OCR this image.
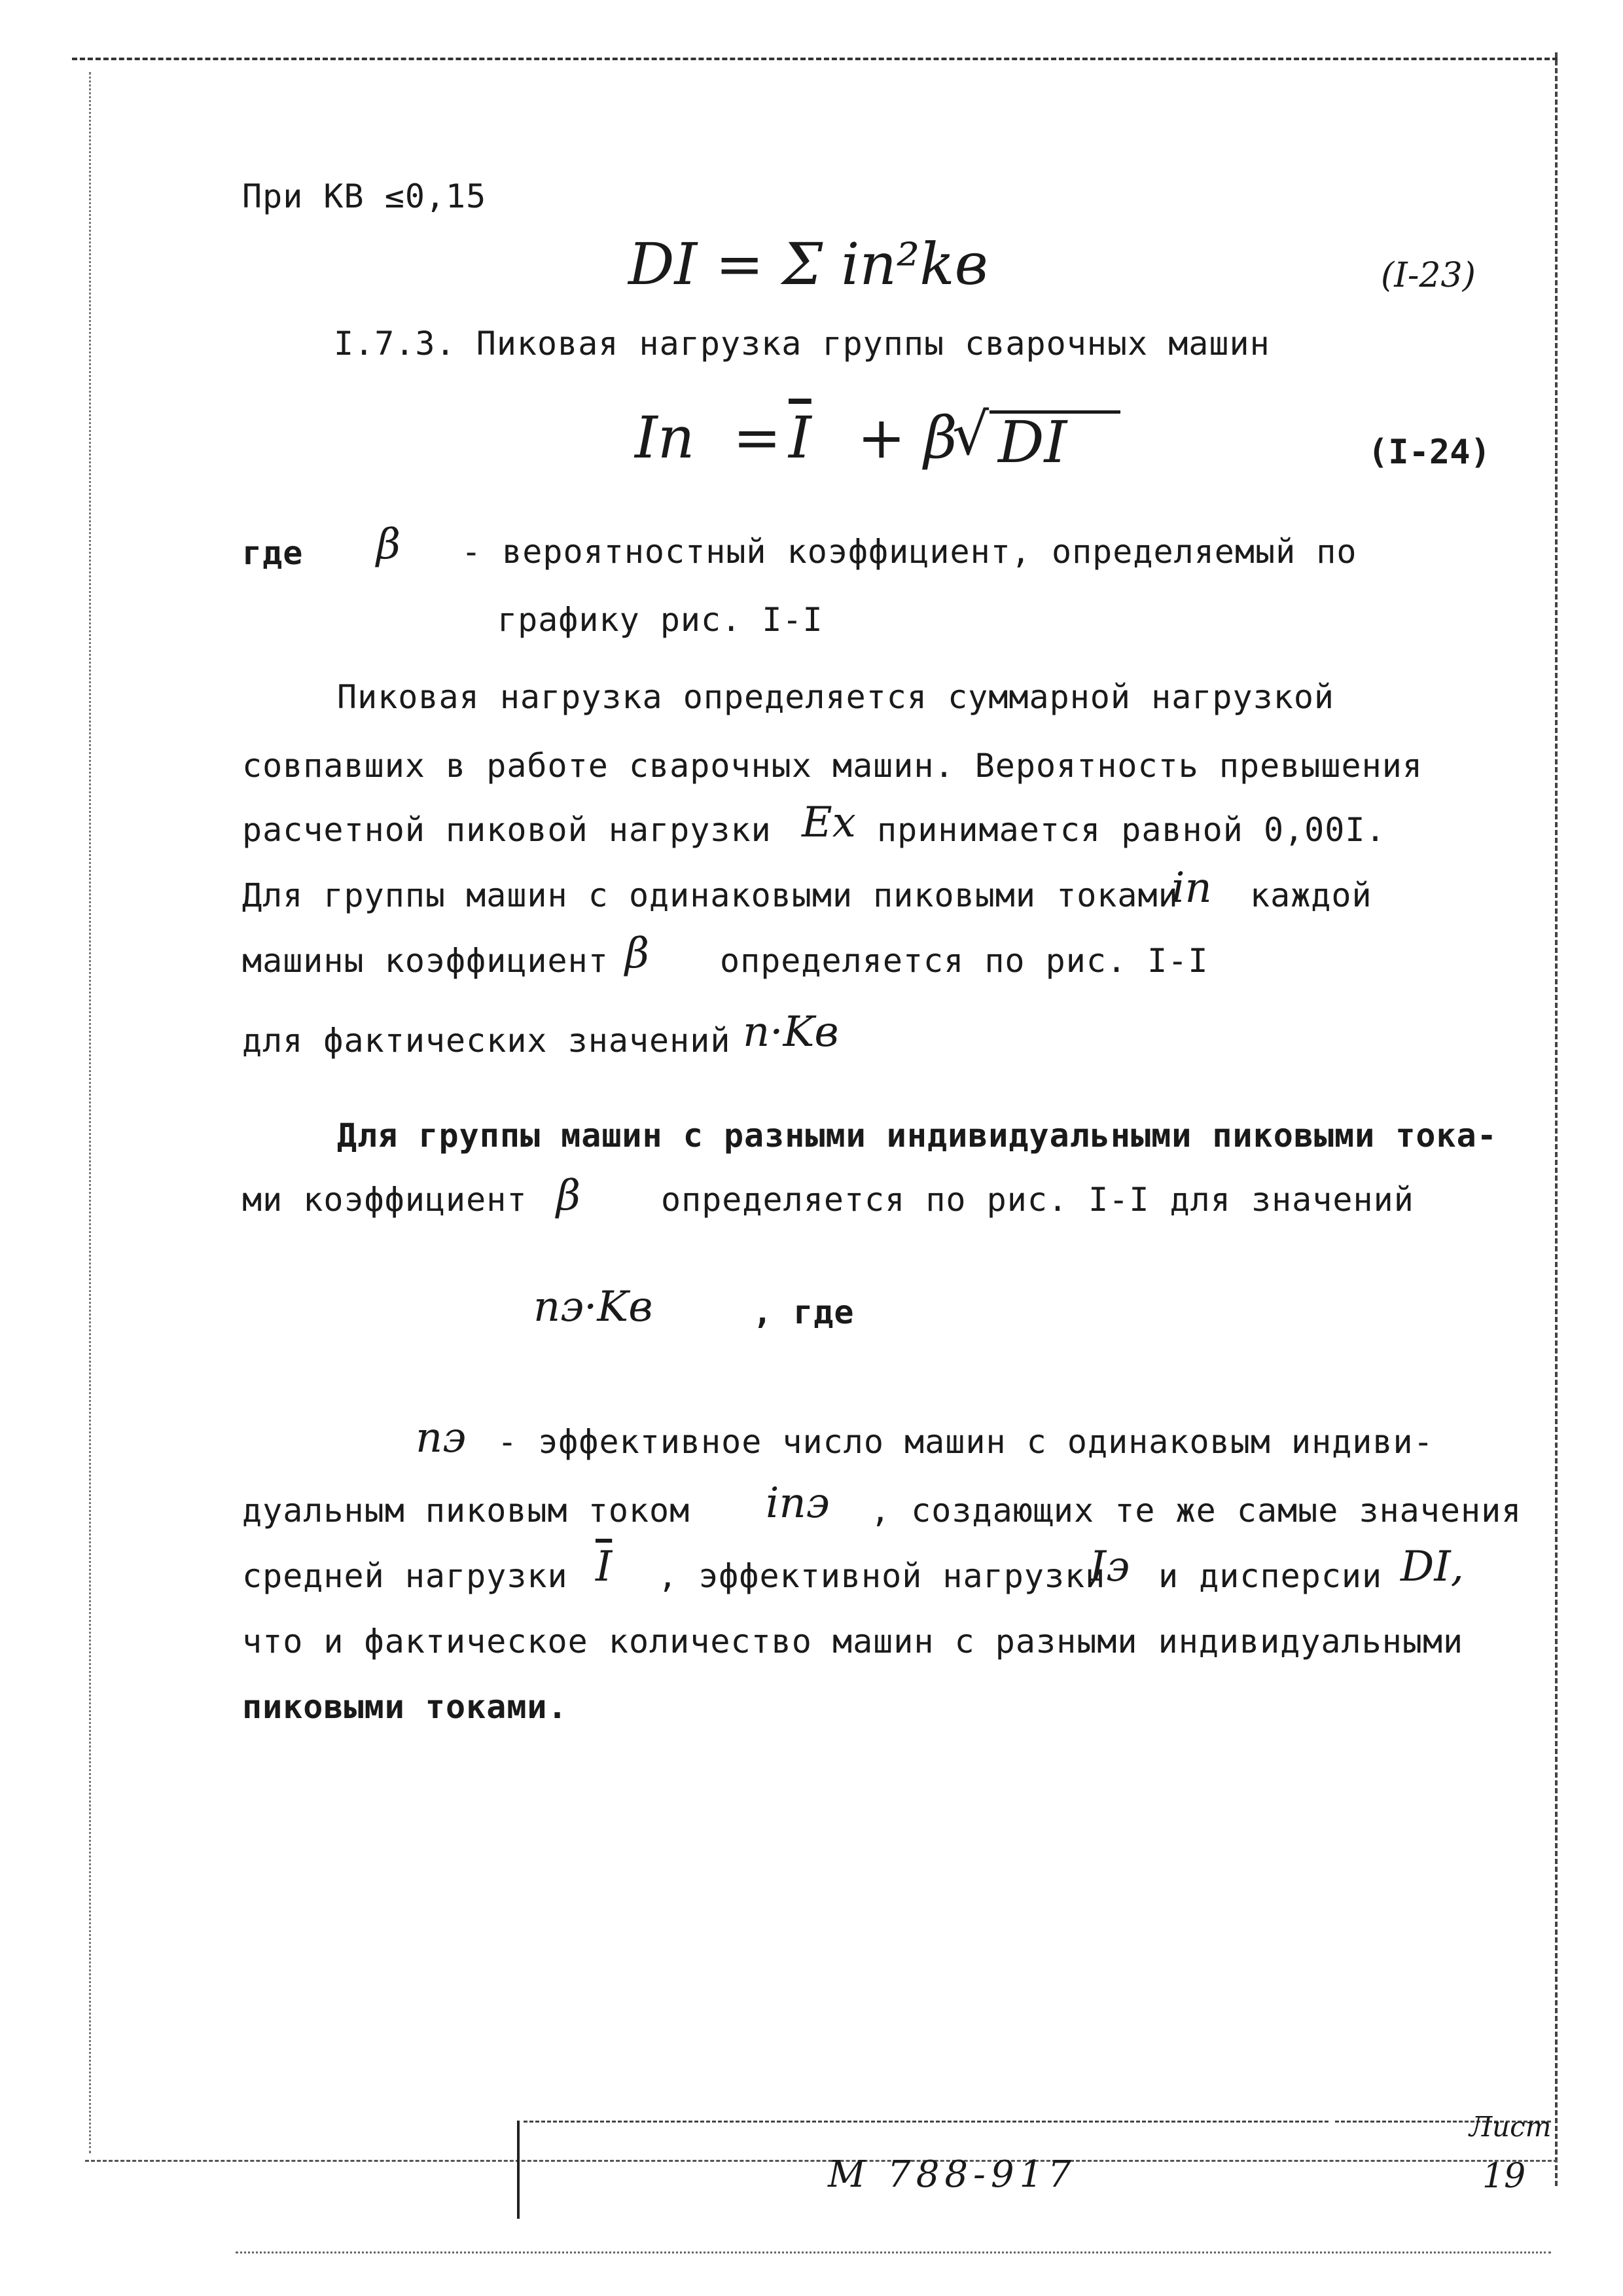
При КВ ≤0,15
DI = Σ iп²kв	(I-23)
I.7.3. Пиковая нагрузка группы сварочных машин
Iп = $\overline{I} + \beta$
√ DI	(I-24)
где β - вероятностный коэффициент, определяемый по
графику рис. I-I
Пиковая нагрузка определяется суммарной нагрузкой
совпавших в работе сварочных машин. Вероятность превышения
расчетной пиковой нагрузки Ex принимается равной 0,00I.
Для группы машин с одинаковыми пиковыми токами
iп каждой
машины коэффициент β определяется по рис. I-I
для фактических значений n·Kв
Для группы машин с разными индивидуальными пиковыми тока-
ми коэффициент β определяется по рис. I-I для значений
nэ·Kв	, где
nэ - эффективное число машин с одинаковым индиви-
дуальным пиковым током iпэ , создающих те же самые значения
средней нагрузки $\overline{I}$ , эффективной нагрузки
Iэ и дисперсии DI,
что и фактическое количество машин с разными индивидуальными
пиковыми токами.
М 788-917
Лист
19
